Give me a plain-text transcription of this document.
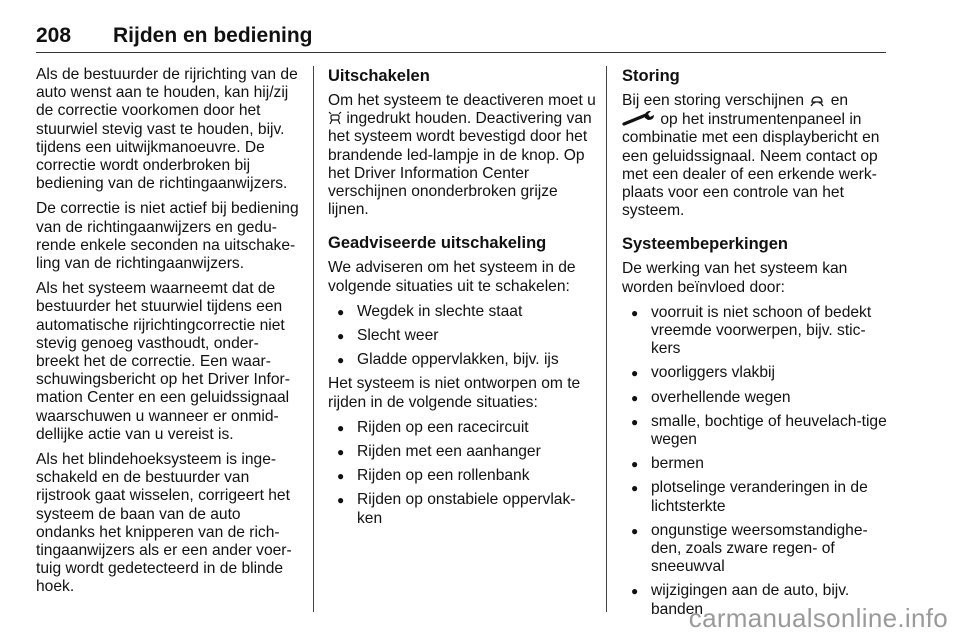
208 Rijden en bediening

Als de bestuurder de rijrichting van de auto wenst aan te houden, kan hij/zij de correctie voorkomen door het stuurwiel stevig vast te houden, bijv. tijdens een uitwijkmanoeuvre. De correctie wordt onderbroken bij bediening van de richtingaanwijzers.

De correctie is niet actief bij bediening van de richtingaanwijzers en gedu-rende enkele seconden na uitschake-ling van de richtingaanwijzers.

Als het systeem waarneemt dat de bestuurder het stuurwiel tijdens een automatische rijrichtingcorrectie niet stevig genoeg vasthoudt, onder-breekt het de correctie. Een waar-schuwingsbericht op het Driver Infor-mation Center en een geluidssignaal waarschuwen u wanneer er onmid-dellijke actie van u vereist is.

Als het blindehoeksysteem is inge-schakeld en de bestuurder van rijstrook gaat wisselen, corrigeert het systeem de baan van de auto ondanks het knipperen van de rich-tingaanwijzers als er een ander voer-tuig wordt gedetecteerd in de blinde hoek.

Uitschakelen

Om het systeem te deactiveren moet u  ingedrukt houden. Deactivering van het systeem wordt bevestigd door het brandende led-lampje in de knop. Op het Driver Information Center verschijnen ononderbroken grijze lijnen.

Geadviseerde uitschakeling

We adviseren om het systeem in de volgende situaties uit te schakelen:

● Wegdek in slechte staat
● Slecht weer
● Gladde oppervlakken, bijv. ijs

Het systeem is niet ontworpen om te rijden in de volgende situaties:

● Rijden op een racecircuit
● Rijden met een aanhanger
● Rijden op een rollenbank
● Rijden op onstabiele oppervlak-ken
Storing

Bij een storing verschijnen en
op het instrumentenpaneel in combinatie met een displaybericht en een geluidssignaal. Neem contact op met een dealer of een erkende werk-plaats voor een controle van het systeem.

Systeembeperkingen

De werking van het systeem kan worden beïnvloed door:

● voorruit is niet schoon of bedekt vreemde voorwerpen, bijv. stic-kers
● voorliggers vlakbij
● overhellende wegen
● smalle, bochtige of heuvelach-tige wegen
● bermen
● plotselinge veranderingen in de lichtsterkte
● ongunstige weersomstandighe-den, zoals zware regen- of sneeuwval
● wijzigingen aan de auto, bijv. banden
carmanualsonline.info
